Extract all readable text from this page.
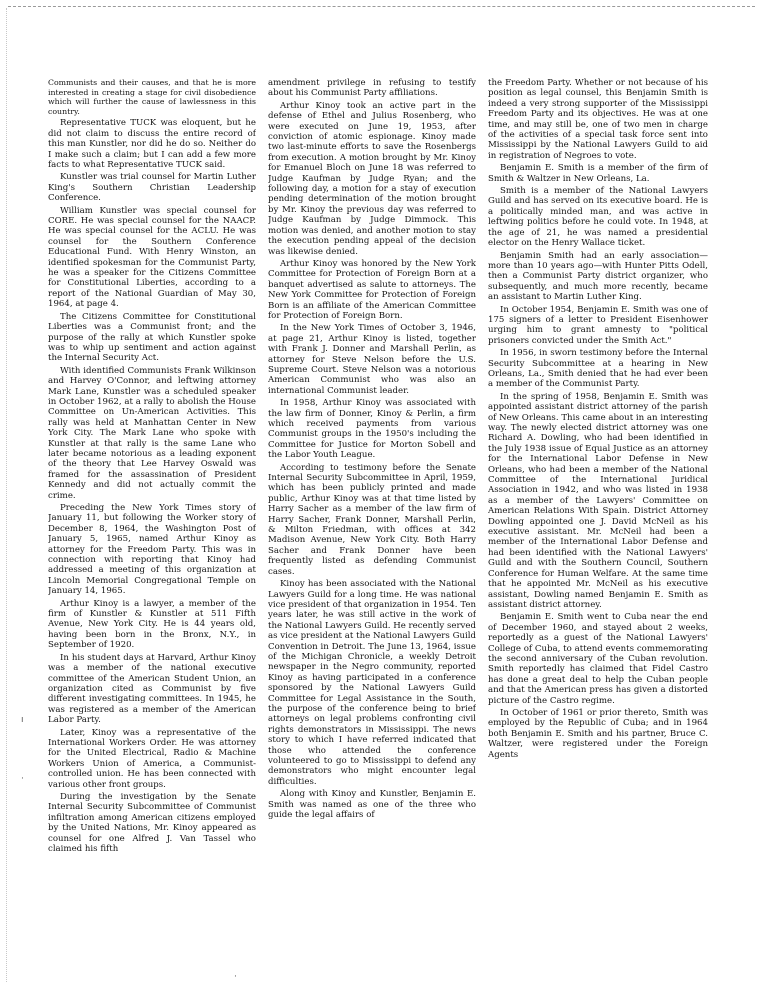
Communists and their causes, and that he is more interested in creating a stage for civil disobedience which will further the cause of lawlessness in this country.

Representative TUCK was eloquent, but he did not claim to discuss the entire record of this man Kunstler, nor did he do so. Neither do I make such a claim; but I can add a few more facts to what Representative TUCK said.

Kunstler was trial counsel for Martin Luther King's Southern Christian Leadership Conference.

William Kunstler was special counsel for CORE. He was special counsel for the NAACP. He was special counsel for the ACLU. He was counsel for the Southern Conference Educational Fund. With Henry Winston, an identified spokesman for the Communist Party, he was a speaker for the Citizens Committee for Constitutional Liberties, according to a report of the National Guardian of May 30, 1964, at page 4.

The Citizens Committee for Constitutional Liberties was a Communist front; and the purpose of the rally at which Kunstler spoke was to whip up sentiment and action against the Internal Security Act.

With identified Communists Frank Wilkinson and Harvey O'Connor, and leftwing attorney Mark Lane, Kunstler was a scheduled speaker in October 1962, at a rally to abolish the House Committee on Un-American Activities. This rally was held at Manhattan Center in New York City. The Mark Lane who spoke with Kunstler at that rally is the same Lane who later became notorious as a leading exponent of the theory that Lee Harvey Oswald was framed for the assassination of President Kennedy and did not actually commit the crime.

Preceding the New York Times story of January 11, but following the Worker story of December 8, 1964, the Washington Post of January 5, 1965, named Arthur Kinoy as attorney for the Freedom Party. This was in connection with reporting that Kinoy had addressed a meeting of this organization at Lincoln Memorial Congregational Temple on January 14, 1965.

Arthur Kinoy is a lawyer, a member of the firm of Kunstler & Kunstler at 511 Fifth Avenue, New York City. He is 44 years old, having been born in the Bronx, N.Y., in September of 1920.

In his student days at Harvard, Arthur Kinoy was a member of the national executive committee of the American Student Union, an organization cited as Communist by five different investigating committees. In 1945, he was registered as a member of the American Labor Party.

Later, Kinoy was a representative of the International Workers Order. He was attorney for the United Electrical, Radio & Machine Workers Union of America, a Communist-controlled union. He has been connected with various other front groups.

During the investigation by the Senate Internal Security Subcommittee of Communist infiltration among American citizens employed by the United Nations, Mr. Kinoy appeared as counsel for one Alfred J. Van Tassel who claimed his fifth

amendment privilege in refusing to testify about his Communist Party affiliations.

Arthur Kinoy took an active part in the defense of Ethel and Julius Rosenberg, who were executed on June 19, 1953, after conviction of atomic espionage. Kinoy made two last-minute efforts to save the Rosenbergs from execution. A motion brought by Mr. Kinoy for Emanuel Bloch on June 18 was referred to Judge Kaufman by Judge Ryan; and the following day, a motion for a stay of execution pending determination of the motion brought by Mr. Kinoy the previous day was referred to Judge Kaufman by Judge Dimmock. This motion was denied, and another motion to stay the execution pending appeal of the decision was likewise denied.

Arthur Kinoy was honored by the New York Committee for Protection of Foreign Born at a banquet advertised as salute to attorneys. The New York Committee for Protection of Foreign Born is an affiliate of the American Committee for Protection of Foreign Born.

In the New York Times of October 3, 1946, at page 21, Arthur Kinoy is listed, together with Frank J. Donner and Marshall Perlin, as attorney for Steve Nelson before the U.S. Supreme Court. Steve Nelson was a notorious American Communist who was also an international Communist leader.

In 1958, Arthur Kinoy was associated with the law firm of Donner, Kinoy & Perlin, a firm which received payments from various Communist groups in the 1950's including the Committee for Justice for Morton Sobell and the Labor Youth League.

According to testimony before the Senate Internal Security Subcommittee in April, 1959, which has been publicly printed and made public, Arthur Kinoy was at that time listed by Harry Sacher as a member of the law firm of Harry Sacher, Frank Donner, Marshall Perlin, & Milton Friedman, with offices at 342 Madison Avenue, New York City. Both Harry Sacher and Frank Donner have been frequently listed as defending Communist cases.

Kinoy has been associated with the National Lawyers Guild for a long time. He was national vice president of that organization in 1954. Ten years later, he was still active in the work of the National Lawyers Guild. He recently served as vice president at the National Lawyers Guild Convention in Detroit. The June 13, 1964, issue of the Michigan Chronicle, a weekly Detroit newspaper in the Negro community, reported Kinoy as having participated in a conference sponsored by the National Lawyers Guild Committee for Legal Assistance in the South, the purpose of the conference being to brief attorneys on legal problems confronting civil rights demonstrators in Mississippi. The news story to which I have referred indicated that those who attended the conference volunteered to go to Mississippi to defend any demonstrators who might encounter legal difficulties.

Along with Kinoy and Kunstler, Benjamin E. Smith was named as one of the three who guide the legal affairs of

the Freedom Party. Whether or not because of his position as legal counsel, this Benjamin Smith is indeed a very strong supporter of the Mississippi Freedom Party and its objectives. He was at one time, and may still be, one of two men in charge of the activities of a special task force sent into Mississippi by the National Lawyers Guild to aid in registration of Negroes to vote.

Benjamin E. Smith is a member of the firm of Smith & Waltzer in New Orleans, La.

Smith is a member of the National Lawyers Guild and has served on its executive board. He is a politically minded man, and was active in leftwing politics before he could vote. In 1948, at the age of 21, he was named a presidential elector on the Henry Wallace ticket.

Benjamin Smith had an early association—more than 10 years ago—with Hunter Pitts Odell, then a Communist Party district organizer, who subsequently, and much more recently, became an assistant to Martin Luther King.

In October 1954, Benjamin E. Smith was one of 175 signers of a letter to President Eisenhower urging him to grant amnesty to "political prisoners convicted under the Smith Act."

In 1956, in sworn testimony before the Internal Security Subcommittee at a hearing in New Orleans, La., Smith denied that he had ever been a member of the Communist Party.

In the spring of 1958, Benjamin E. Smith was appointed assistant district attorney of the parish of New Orleans. This came about in an interesting way. The newly elected district attorney was one Richard A. Dowling, who had been identified in the July 1938 issue of Equal Justice as an attorney for the International Labor Defense in New Orleans, who had been a member of the National Committee of the International Juridical Association in 1942, and who was listed in 1938 as a member of the Lawyers' Committee on American Relations With Spain. District Attorney Dowling appointed one J. David McNeil as his executive assistant. Mr. McNeil had been a member of the International Labor Defense and had been identified with the National Lawyers' Guild and with the Southern Council, Southern Conference for Human Welfare. At the same time that he appointed Mr. McNeil as his executive assistant, Dowling named Benjamin E. Smith as assistant district attorney.

Benjamin E. Smith went to Cuba near the end of December 1960, and stayed about 2 weeks, reportedly as a guest of the National Lawyers' College of Cuba, to attend events commemorating the second anniversary of the Cuban revolution. Smith reportedly has claimed that Fidel Castro has done a great deal to help the Cuban people and that the American press has given a distorted picture of the Castro regime.

In October of 1961 or prior thereto, Smith was employed by the Republic of Cuba; and in 1964 both Benjamin E. Smith and his partner, Bruce C. Waltzer, were registered under the Foreign Agents

ı
·
·
